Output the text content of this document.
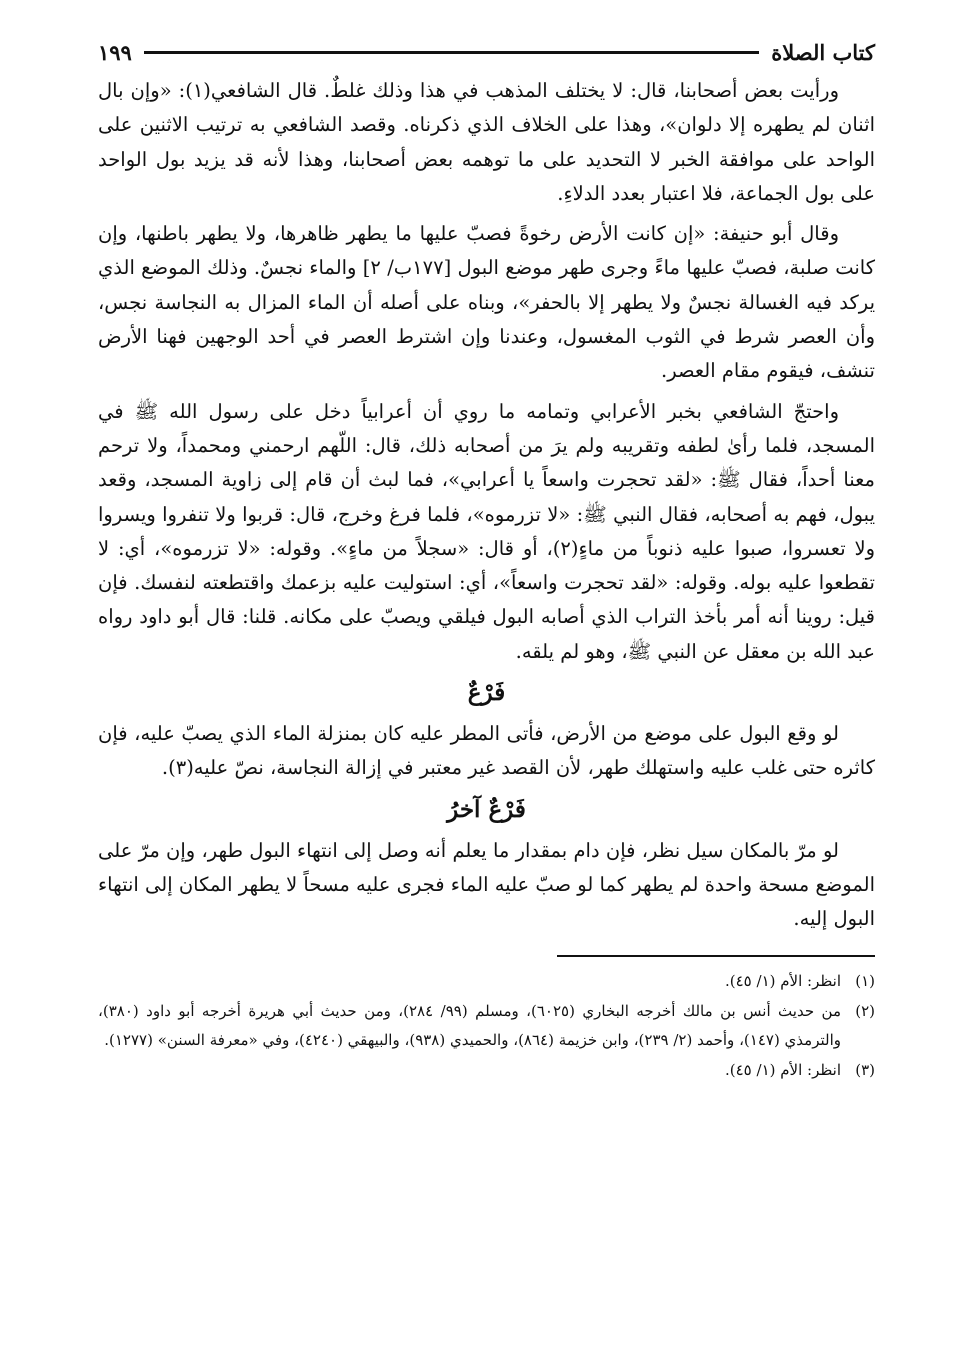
كتاب الصلاة
١٩٩

ورأيت بعض أصحابنا، قال: لا يختلف المذهب في هذا وذلك غلطٌ. قال الشافعي(١): «وإن بال اثنان لم يطهره إلا دلوان»، وهذا على الخلاف الذي ذكرناه. وقصد الشافعي به ترتيب الاثنين على الواحد على موافقة الخبر لا التحديد على ما توهمه بعض أصحابنا، وهذا لأنه قد يزيد بول الواحد على بول الجماعة، فلا اعتبار بعدد الدلاءِ.

وقال أبو حنيفة: «إن كانت الأرض رخوةً فصبّ عليها ما يطهر ظاهرها، ولا يطهر باطنها، وإن كانت صلبة، فصبّ عليها ماءً وجرى طهر موضع البول [١٧٧ب/ ٢] والماء نجسٌ. وذلك الموضع الذي يركد فيه الغسالة نجسٌ ولا يطهر إلا بالحفر»، وبناه على أصله أن الماء المزال به النجاسة نجس، وأن العصر شرط في الثوب المغسول، وعندنا وإن اشترط العصر في أحد الوجهين فهنا الأرض تنشف، فيقوم مقام العصر.

واحتجّ الشافعي بخبر الأعرابي وتمامه ما روي أن أعرابياً دخل على رسول الله ﷺ في المسجد، فلما رأىٰ لطفه وتقريبه ولم يرَ من أصحابه ذلك، قال: اللّهم ارحمني ومحمداً، ولا ترحم معنا أحداً، فقال ﷺ: «لقد تحجرت واسعاً يا أعرابي»، فما لبث أن قام إلى زاوية المسجد، وقعد يبول، فهم به أصحابه، فقال النبي ﷺ: «لا تزرموه»، فلما فرغ وخرج، قال: قربوا ولا تنفروا ويسروا ولا تعسروا، صبوا عليه ذنوباً من ماءٍ(٢)، أو قال: «سجلاً من ماءٍ». وقوله: «لا تزرموه»، أي: لا تقطعوا عليه بوله. وقوله: «لقد تحجرت واسعاً»، أي: استوليت عليه بزعمك واقتطعته لنفسك. فإن قيل: روينا أنه أمر بأخذ التراب الذي أصابه البول فيلقي ويصبّ على مكانه. قلنا: قال أبو داود رواه عبد الله بن معقل عن النبي ﷺ، وهو لم يلقه.

فَرْعٌ

لو وقع البول على موضع من الأرض، فأتى المطر عليه كان بمنزلة الماء الذي يصبّ عليه، فإن كاثره حتى غلب عليه واستهلك طهر، لأن القصد غير معتبر في إزالة النجاسة، نصّ عليه(٣).

فَرْعٌ آخرُ

لو مرّ بالمكان سيل نظر، فإن دام بمقدار ما يعلم أنه وصل إلى انتهاء البول طهر، وإن مرّ على الموضع مسحة واحدة لم يطهر كما لو صبّ عليه الماء فجرى عليه مسحاً لا يطهر المكان إلى انتهاء البول إليه.

(١)
انظر: الأم (١/ ٤٥).
(٢)
من حديث أنس بن مالك أخرجه البخاري (٦٠٢٥)، ومسلم (٩٩/ ٢٨٤)، ومن حديث أبي هريرة أخرجه أبو داود (٣٨٠)، والترمذي (١٤٧)، وأحمد (٢/ ٢٣٩)، وابن خزيمة (٨٦٤)، والحميدي (٩٣٨)، والبيهقي (٤٢٤٠)، وفي «معرفة السنن» (١٢٧٧).
(٣)
انظر: الأم (١/ ٤٥).
